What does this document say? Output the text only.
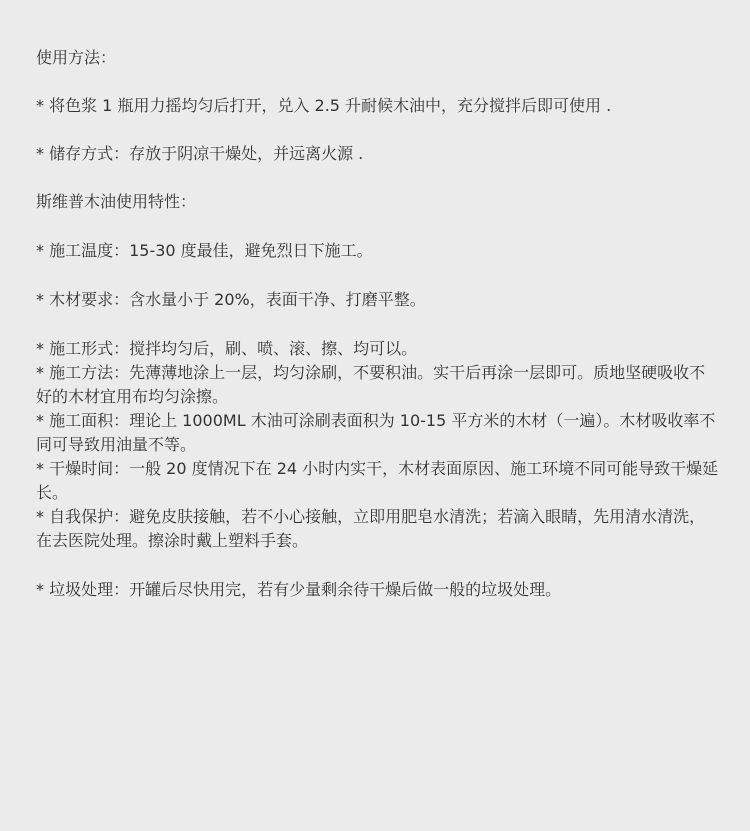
使用方法：

* 将色浆 1 瓶用力摇均匀后打开，兑入 2.5 升耐候木油中，充分搅拌后即可使用 .

* 储存方式：存放于阴凉干燥处，并远离火源 .

斯维普木油使用特性：

* 施工温度：15-30 度最佳，避免烈日下施工。

* 木材要求：含水量小于 20%，表面干净、打磨平整。

* 施工形式：搅拌均匀后，刷、喷、滚、擦、均可以。

* 施工方法：先薄薄地涂上一层，均匀涂刷，不要积油。实干后再涂一层即可。质地坚硬吸收不好的木材宜用布均匀涂擦。

* 施工面积：理论上 1000ML 木油可涂刷表面积为 10-15 平方米的木材（一遍）。木材吸收率不同可导致用油量不等。

* 干燥时间：一般 20 度情况下在 24 小时内实干，木材表面原因、施工环境不同可能导致干燥延长。

* 自我保护：避免皮肤接触，若不小心接触，立即用肥皂水清洗；若滴入眼睛，先用清水清洗，在去医院处理。擦涂时戴上塑料手套。

* 垃圾处理：开罐后尽快用完，若有少量剩余待干燥后做一般的垃圾处理。
